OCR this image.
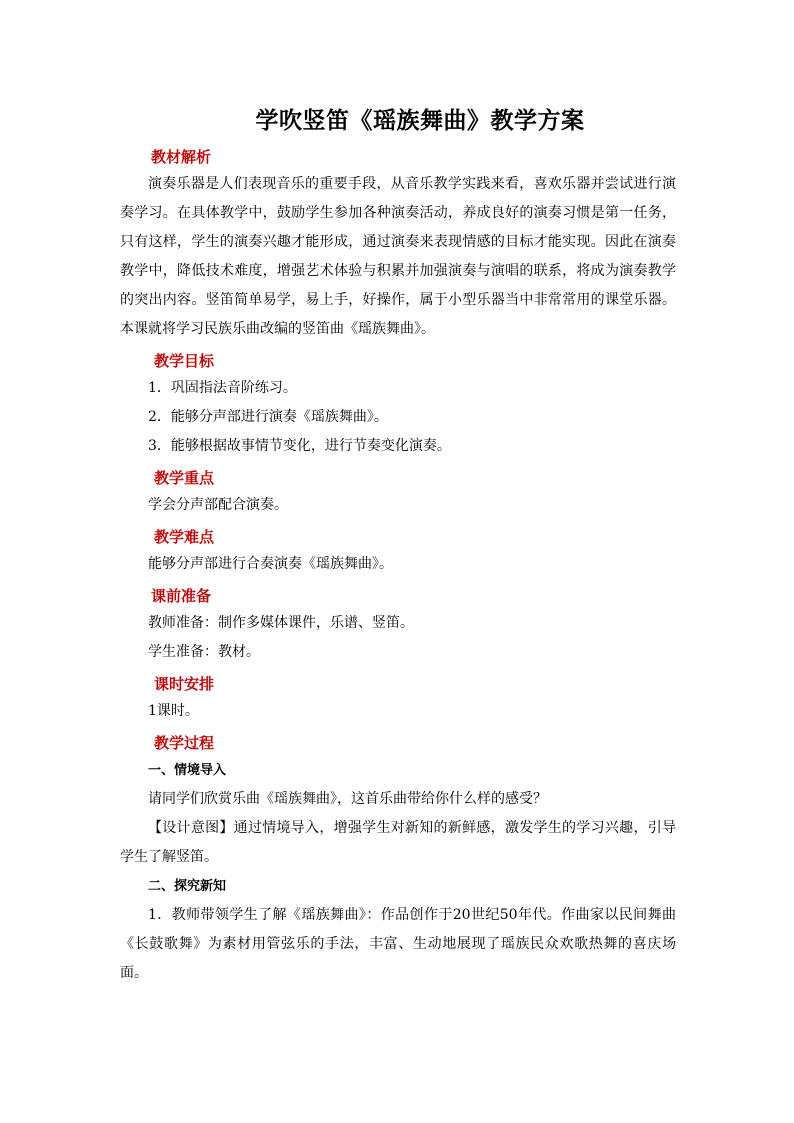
学吹竖笛《瑶族舞曲》教学方案
教材解析
演奏乐器是人们表现音乐的重要手段，从音乐教学实践来看，喜欢乐器并尝试进行演奏学习。在具体教学中，鼓励学生参加各种演奏活动，养成良好的演奏习惯是第一任务，只有这样，学生的演奏兴趣才能形成，通过演奏来表现情感的目标才能实现。因此在演奏教学中，降低技术难度，增强艺术体验与积累并加强演奏与演唱的联系，将成为演奏教学的突出内容。竖笛简单易学，易上手，好操作，属于小型乐器当中非常常用的课堂乐器。本课就将学习民族乐曲改编的竖笛曲《瑶族舞曲》。
教学目标
1．巩固指法音阶练习。
2．能够分声部进行演奏《瑶族舞曲》。
3．能够根据故事情节变化，进行节奏变化演奏。
教学重点
学会分声部配合演奏。
教学难点
能够分声部进行合奏演奏《瑶族舞曲》。
课前准备
教师准备：制作多媒体课件，乐谱、竖笛。
学生准备：教材。
课时安排
1课时。
教学过程
一、情境导入
请同学们欣赏乐曲《瑶族舞曲》，这首乐曲带给你什么样的感受？
【设计意图】通过情境导入，增强学生对新知的新鲜感，激发学生的学习兴趣，引导学生了解竖笛。
二、探究新知
1．教师带领学生了解《瑶族舞曲》：作品创作于20世纪50年代。作曲家以民间舞曲《长鼓歌舞》为素材用管弦乐的手法，丰富、生动地展现了瑶族民众欢歌热舞的喜庆场面。
